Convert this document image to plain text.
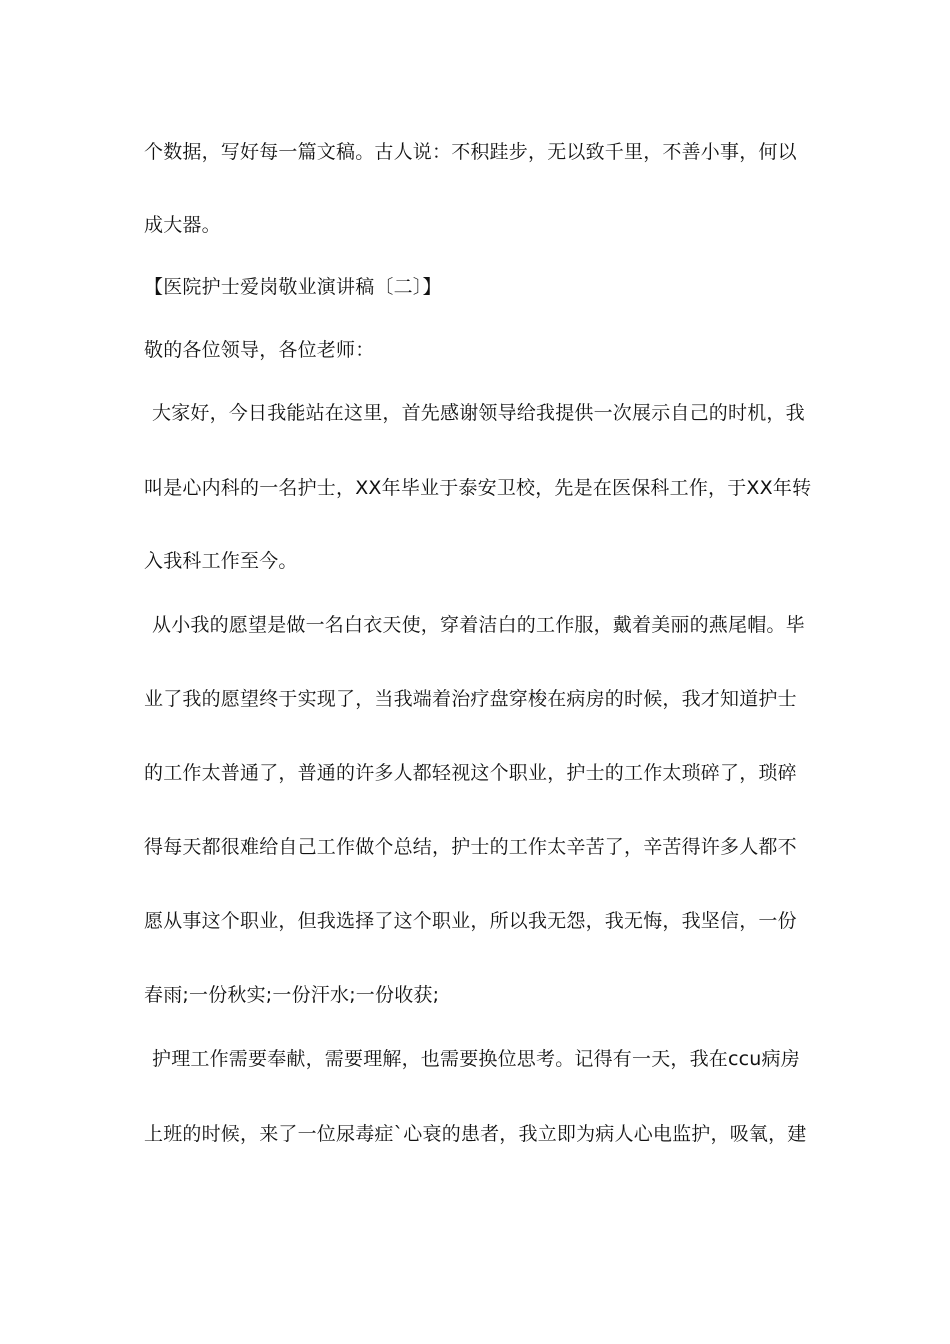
个数据，写好每一篇文稿。古人说：不积跬步，无以致千里，不善小事，何以
成大器。
【医院护士爱岗敬业演讲稿〔二〕】
敬的各位领导，各位老师：
大家好，今日我能站在这里，首先感谢领导给我提供一次展示自己的时机，我
叫是心内科的一名护士，XX年毕业于泰安卫校，先是在医保科工作，于XX年转
入我科工作至今。
从小我的愿望是做一名白衣天使，穿着洁白的工作服，戴着美丽的燕尾帽。毕
业了我的愿望终于实现了，当我端着治疗盘穿梭在病房的时候，我才知道护士
的工作太普通了，普通的许多人都轻视这个职业，护士的工作太琐碎了，琐碎
得每天都很难给自己工作做个总结，护士的工作太辛苦了，辛苦得许多人都不
愿从事这个职业，但我选择了这个职业，所以我无怨，我无悔，我坚信，一份
春雨;一份秋实;一份汗水;一份收获;
护理工作需要奉献，需要理解，也需要换位思考。记得有一天，我在ccu病房
上班的时候，来了一位尿毒症`心衰的患者，我立即为病人心电监护，吸氧，建
